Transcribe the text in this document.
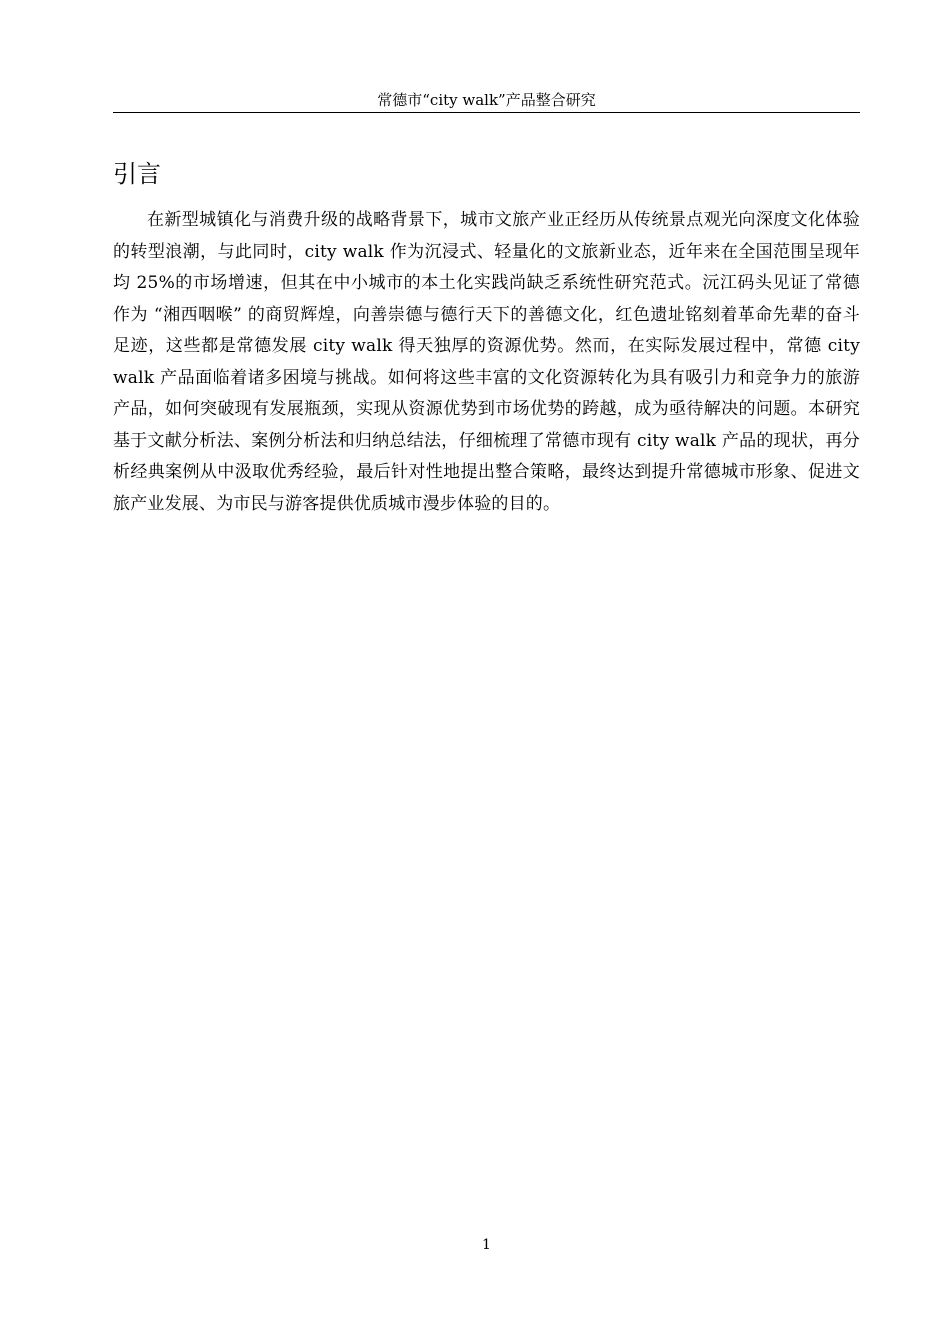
常德市“city walk”产品整合研究
引言

在新型城镇化与消费升级的战略背景下，城市文旅产业正经历从传统景点观光向深度文化体验的转型浪潮，与此同时，city walk 作为沉浸式、轻量化的文旅新业态，近年来在全国范围呈现年均 25%的市场增速，但其在中小城市的本土化实践尚缺乏系统性研究范式。沅江码头见证了常德作为 “湘西咽喉” 的商贸辉煌，向善崇德与德行天下的善德文化，红色遗址铭刻着革命先辈的奋斗足迹，这些都是常德发展 city walk 得天独厚的资源优势。然而，在实际发展过程中，常德 city walk 产品面临着诸多困境与挑战。如何将这些丰富的文化资源转化为具有吸引力和竞争力的旅游产品，如何突破现有发展瓶颈，实现从资源优势到市场优势的跨越，成为亟待解决的问题。本研究基于文献分析法、案例分析法和归纳总结法，仔细梳理了常德市现有 city walk 产品的现状，再分析经典案例从中汲取优秀经验，最后针对性地提出整合策略，最终达到提升常德城市形象、促进文旅产业发展、为市民与游客提供优质城市漫步体验的目的。

1
